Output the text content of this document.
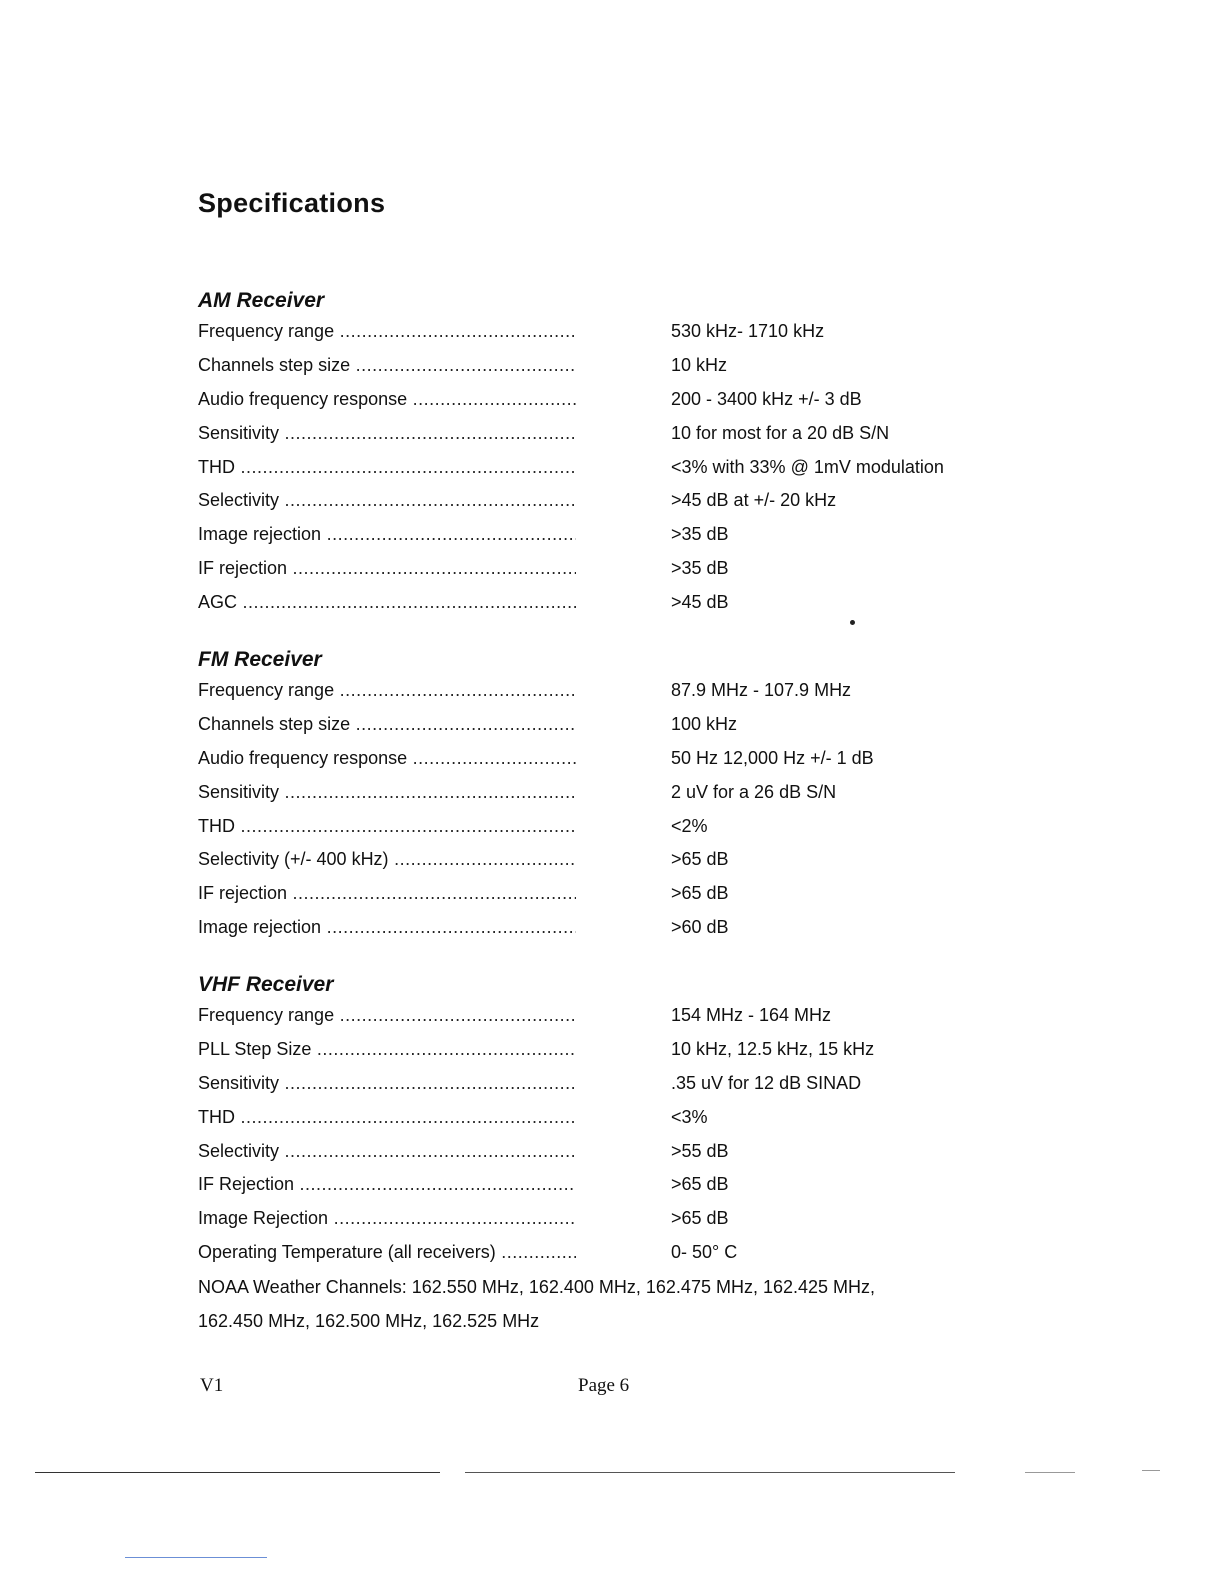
Specifications
AM Receiver
Frequency range .....	530 kHz- 1710 kHz
Channels step size .....	10 kHz
Audio frequency response .....	200 - 3400 kHz +/- 3 dB
Sensitivity .....	10 for most for a 20 dB S/N
THD .....	<3% with 33% @ 1mV modulation
Selectivity .....	>45 dB at +/- 20 kHz
Image rejection .....	>35 dB
IF rejection .....	>35 dB
AGC .....	>45 dB
FM Receiver
Frequency range .....	87.9 MHz - 107.9 MHz
Channels step size .....	100 kHz
Audio frequency response .....	50 Hz 12,000 Hz +/- 1 dB
Sensitivity .....	2 uV for a 26 dB S/N
THD .....	<2%
Selectivity (+/- 400 kHz) .....	>65 dB
IF rejection .....	>65 dB
Image rejection .....	>60 dB
VHF Receiver
Frequency range .....	154 MHz - 164 MHz
PLL Step Size .....	10 kHz, 12.5 kHz, 15 kHz
Sensitivity .....	.35 uV for 12 dB SINAD
THD .....	<3%
Selectivity .....	>55 dB
IF Rejection .....	>65 dB
Image Rejection .....	>65 dB
Operating Temperature (all receivers) .....	0- 50° C
NOAA Weather Channels: 162.550 MHz, 162.400 MHz, 162.475 MHz, 162.425 MHz,
162.450 MHz, 162.500 MHz, 162.525 MHz
V1	Page 6
